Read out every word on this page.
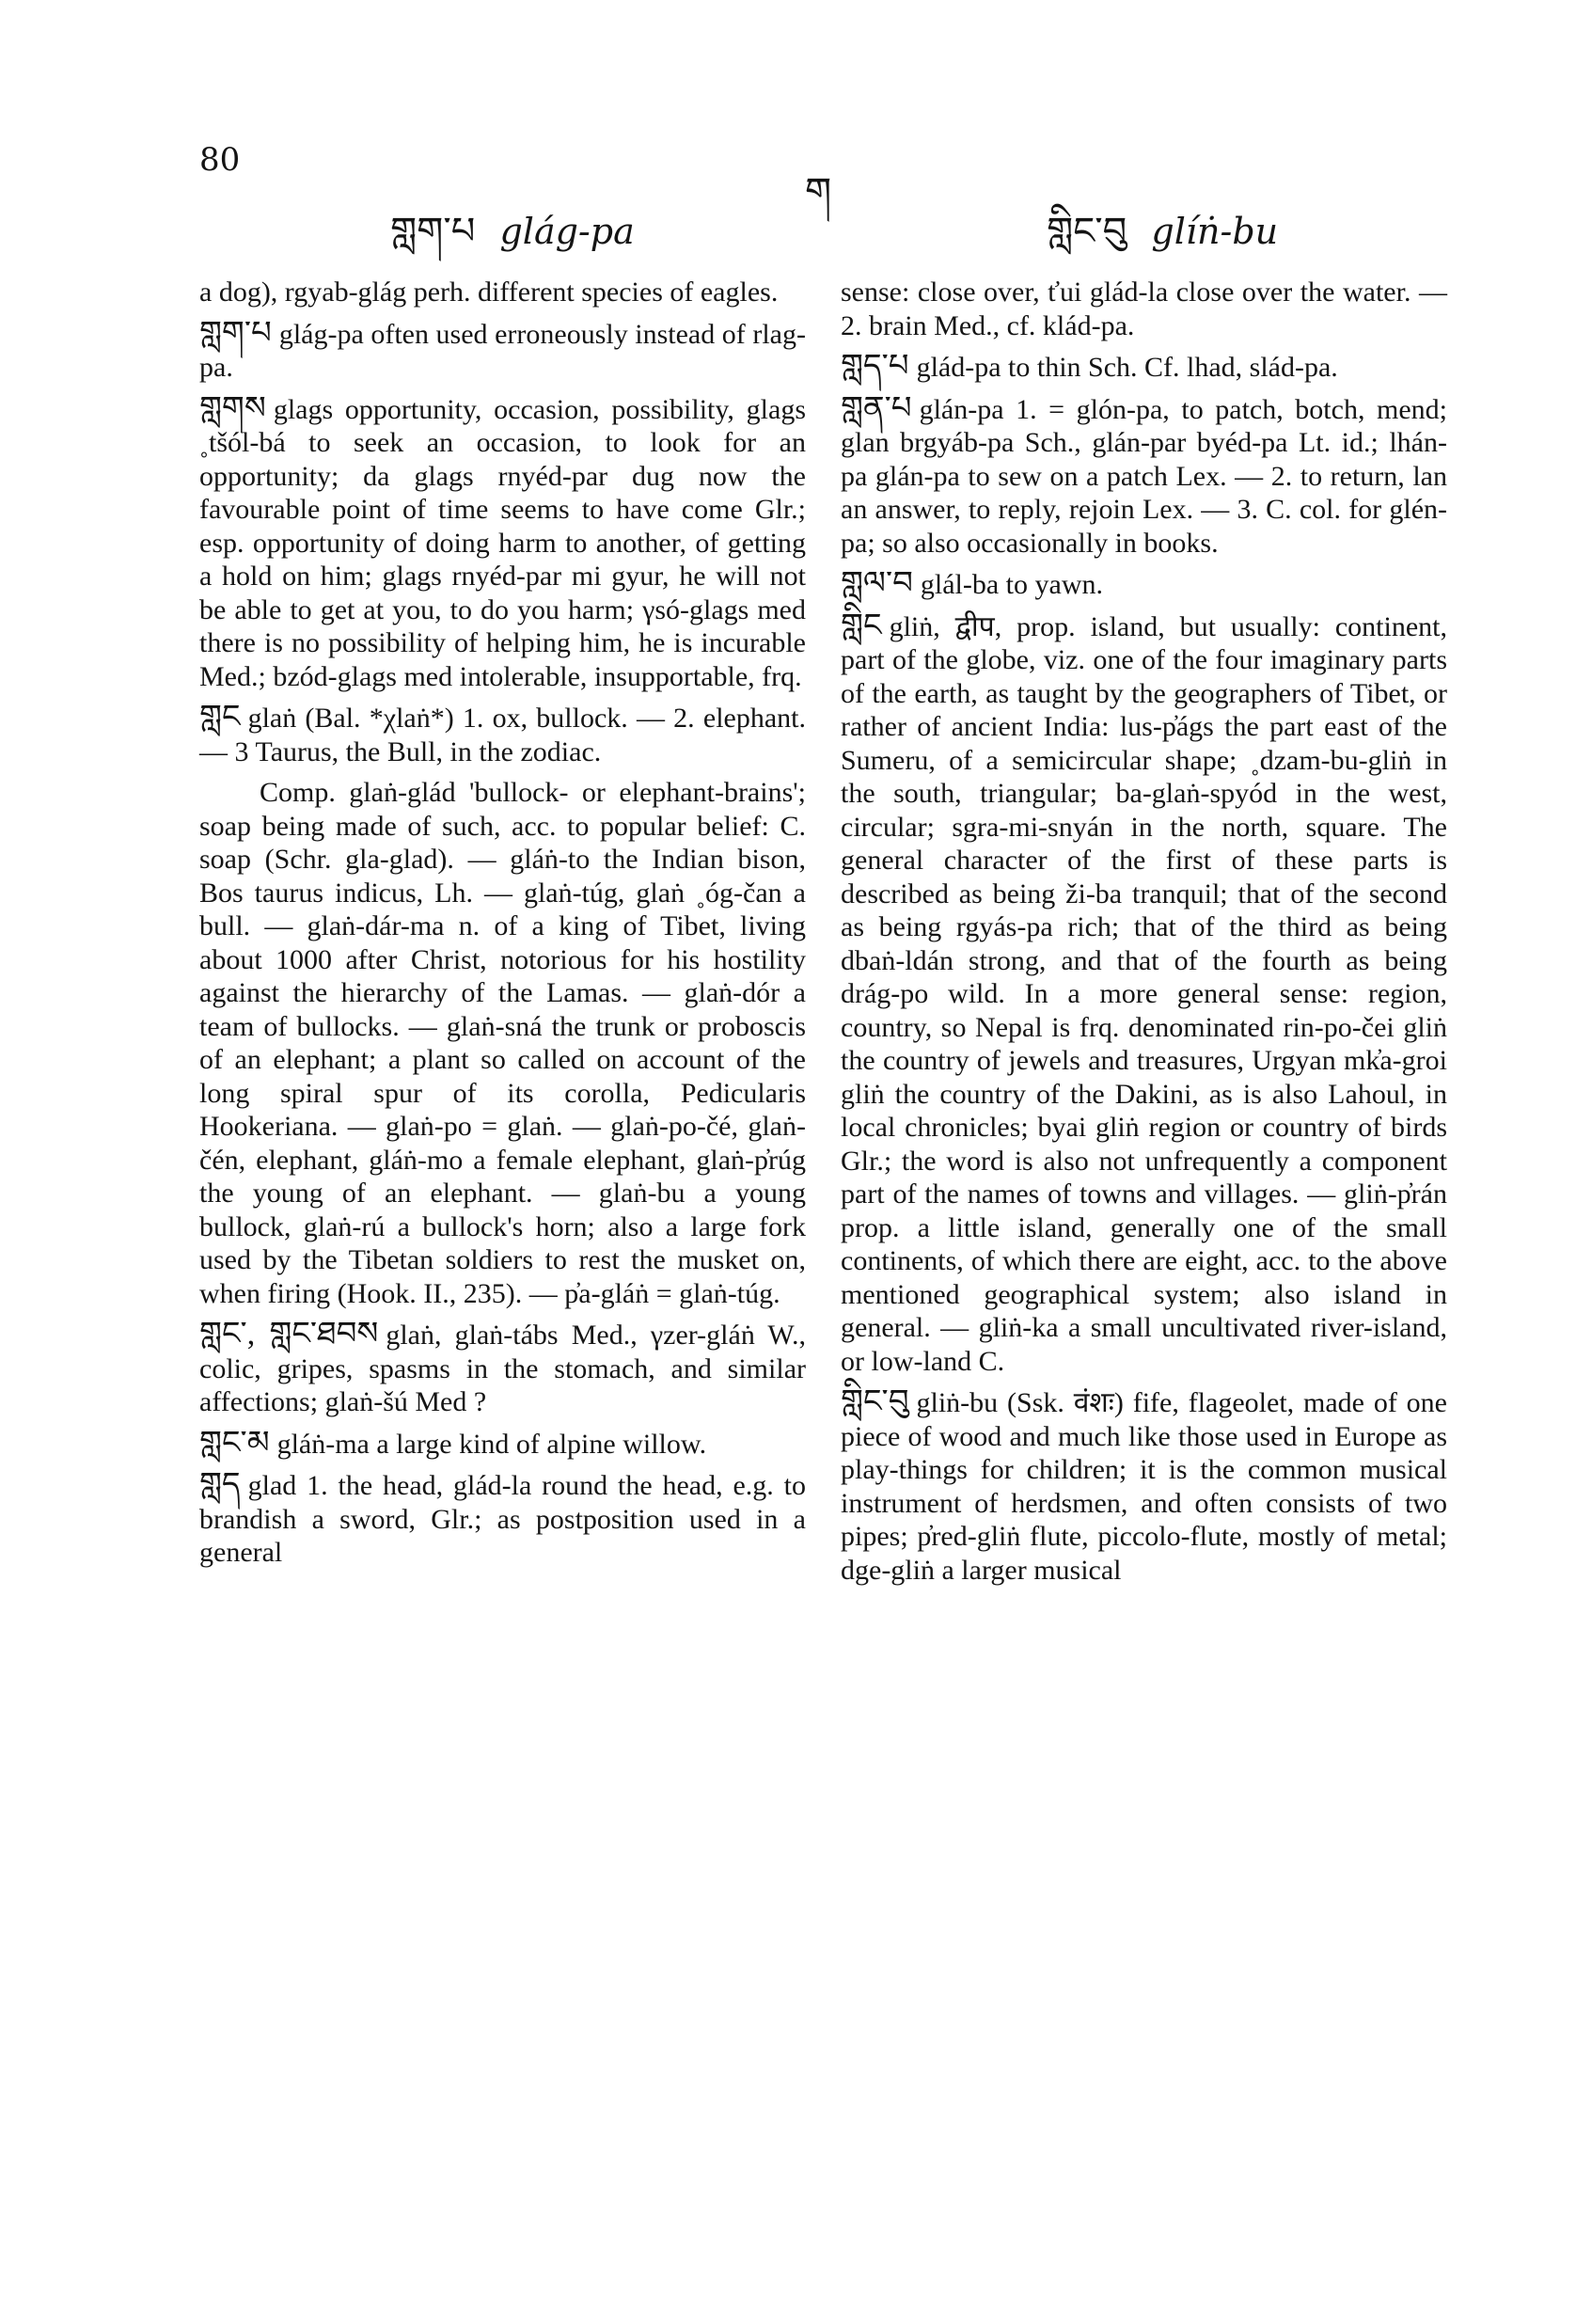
80
གླག་པ glág-pa
ག
གླིང་བུ glíṅ-bu

a dog), rgyab-glág perh. different species of eagles.

གླག་པ glág-pa often used erroneously instead of rlag-pa.

གླགས glags opportunity, occasion, possibility, glags ˳tšól-bá to seek an occasion, to look for an opportunity; da glags rnyéd-par dug now the favourable point of time seems to have come Glr.; esp. opportunity of doing harm to another, of getting a hold on him; glags rnyéd-par mi gyur, he will not be able to get at you, to do you harm; γsó-glags med there is no possibility of helping him, he is incurable Med.; bzód-glags med intolerable, insupportable, frq.

གླང glaṅ (Bal. *χlaṅ*) 1. ox, bullock. — 2. elephant. — 3 Taurus, the Bull, in the zodiac.

Comp. glaṅ-glád 'bullock- or elephant-brains'; soap being made of such, acc. to popular belief: C. soap (Schr. gla-glad). — gláṅ-to the Indian bison, Bos taurus indicus, Lh. — glaṅ-túg, glaṅ ˳óg-čan a bull. — glaṅ-dár-ma n. of a king of Tibet, living about 1000 after Christ, notorious for his hostility against the hierarchy of the Lamas. — glaṅ-dór a team of bullocks. — glaṅ-sná the trunk or proboscis of an elephant; a plant so called on account of the long spiral spur of its corolla, Pedicularis Hookeriana. — glaṅ-po = glaṅ. — glaṅ-po-čé, glaṅ-čén, elephant, gláṅ-mo a female elephant, glaṅ-p̓rúg the young of an elephant. — glaṅ-bu a young bullock, glaṅ-rú a bullock's horn; also a large fork used by the Tibetan soldiers to rest the musket on, when firing (Hook. II., 235). — p̓a-gláṅ = glaṅ-túg.

གླང་, གླང་ཐབས glaṅ, glaṅ-tábs Med., γzer-gláṅ W., colic, gripes, spasms in the stomach, and similar affections; glaṅ-šú Med ?

གླང་མ gláṅ-ma a large kind of alpine willow.

གླད glad 1. the head, glád-la round the head, e.g. to brandish a sword, Glr.; as postposition used in a general

sense: close over, ťui glád-la close over the water. — 2. brain Med., cf. klád-pa.

གླད་པ glád-pa to thin Sch. Cf. lhad, slád-pa.

གླན་པ glán-pa 1. = glón-pa, to patch, botch, mend; glan brgyáb-pa Sch., glán-par byéd-pa Lt. id.; lhán-pa glán-pa to sew on a patch Lex. — 2. to return, lan an answer, to reply, rejoin Lex. — 3. C. col. for glén-pa; so also occasionally in books.

གླལ་བ glál-ba to yawn.

གླིང gliṅ, द्वीप, prop. island, but usually: continent, part of the globe, viz. one of the four imaginary parts of the earth, as taught by the geographers of Tibet, or rather of ancient India: lus-p̓ágs the part east of the Sumeru, of a semicircular shape; ˳dzam-bu-gliṅ in the south, triangular; ba-glaṅ-spyód in the west, circular; sgra-mi-snyán in the north, square. The general character of the first of these parts is described as being ži-ba tranquil; that of the second as being rgyás-pa rich; that of the third as being dbaṅ-ldán strong, and that of the fourth as being drág-po wild. In a more general sense: region, country, so Nepal is frq. denominated rin-po-čei gliṅ the country of jewels and treasures, Urgyan mk̓a-groi gliṅ the country of the Dakini, as is also Lahoul, in local chronicles; byai gliṅ region or country of birds Glr.; the word is also not unfrequently a component part of the names of towns and villages. — gliṅ-p̓rán prop. a little island, generally one of the small continents, of which there are eight, acc. to the above mentioned geographical system; also island in general. — gliṅ-ka a small uncultivated river-island, or low-land C.

གླིང་བུ gliṅ-bu (Ssk. वंशः) fife, flageolet, made of one piece of wood and much like those used in Europe as play-things for children; it is the common musical instrument of herdsmen, and often consists of two pipes; p̓red-gliṅ flute, piccolo-flute, mostly of metal; dge-gliṅ a larger musical
